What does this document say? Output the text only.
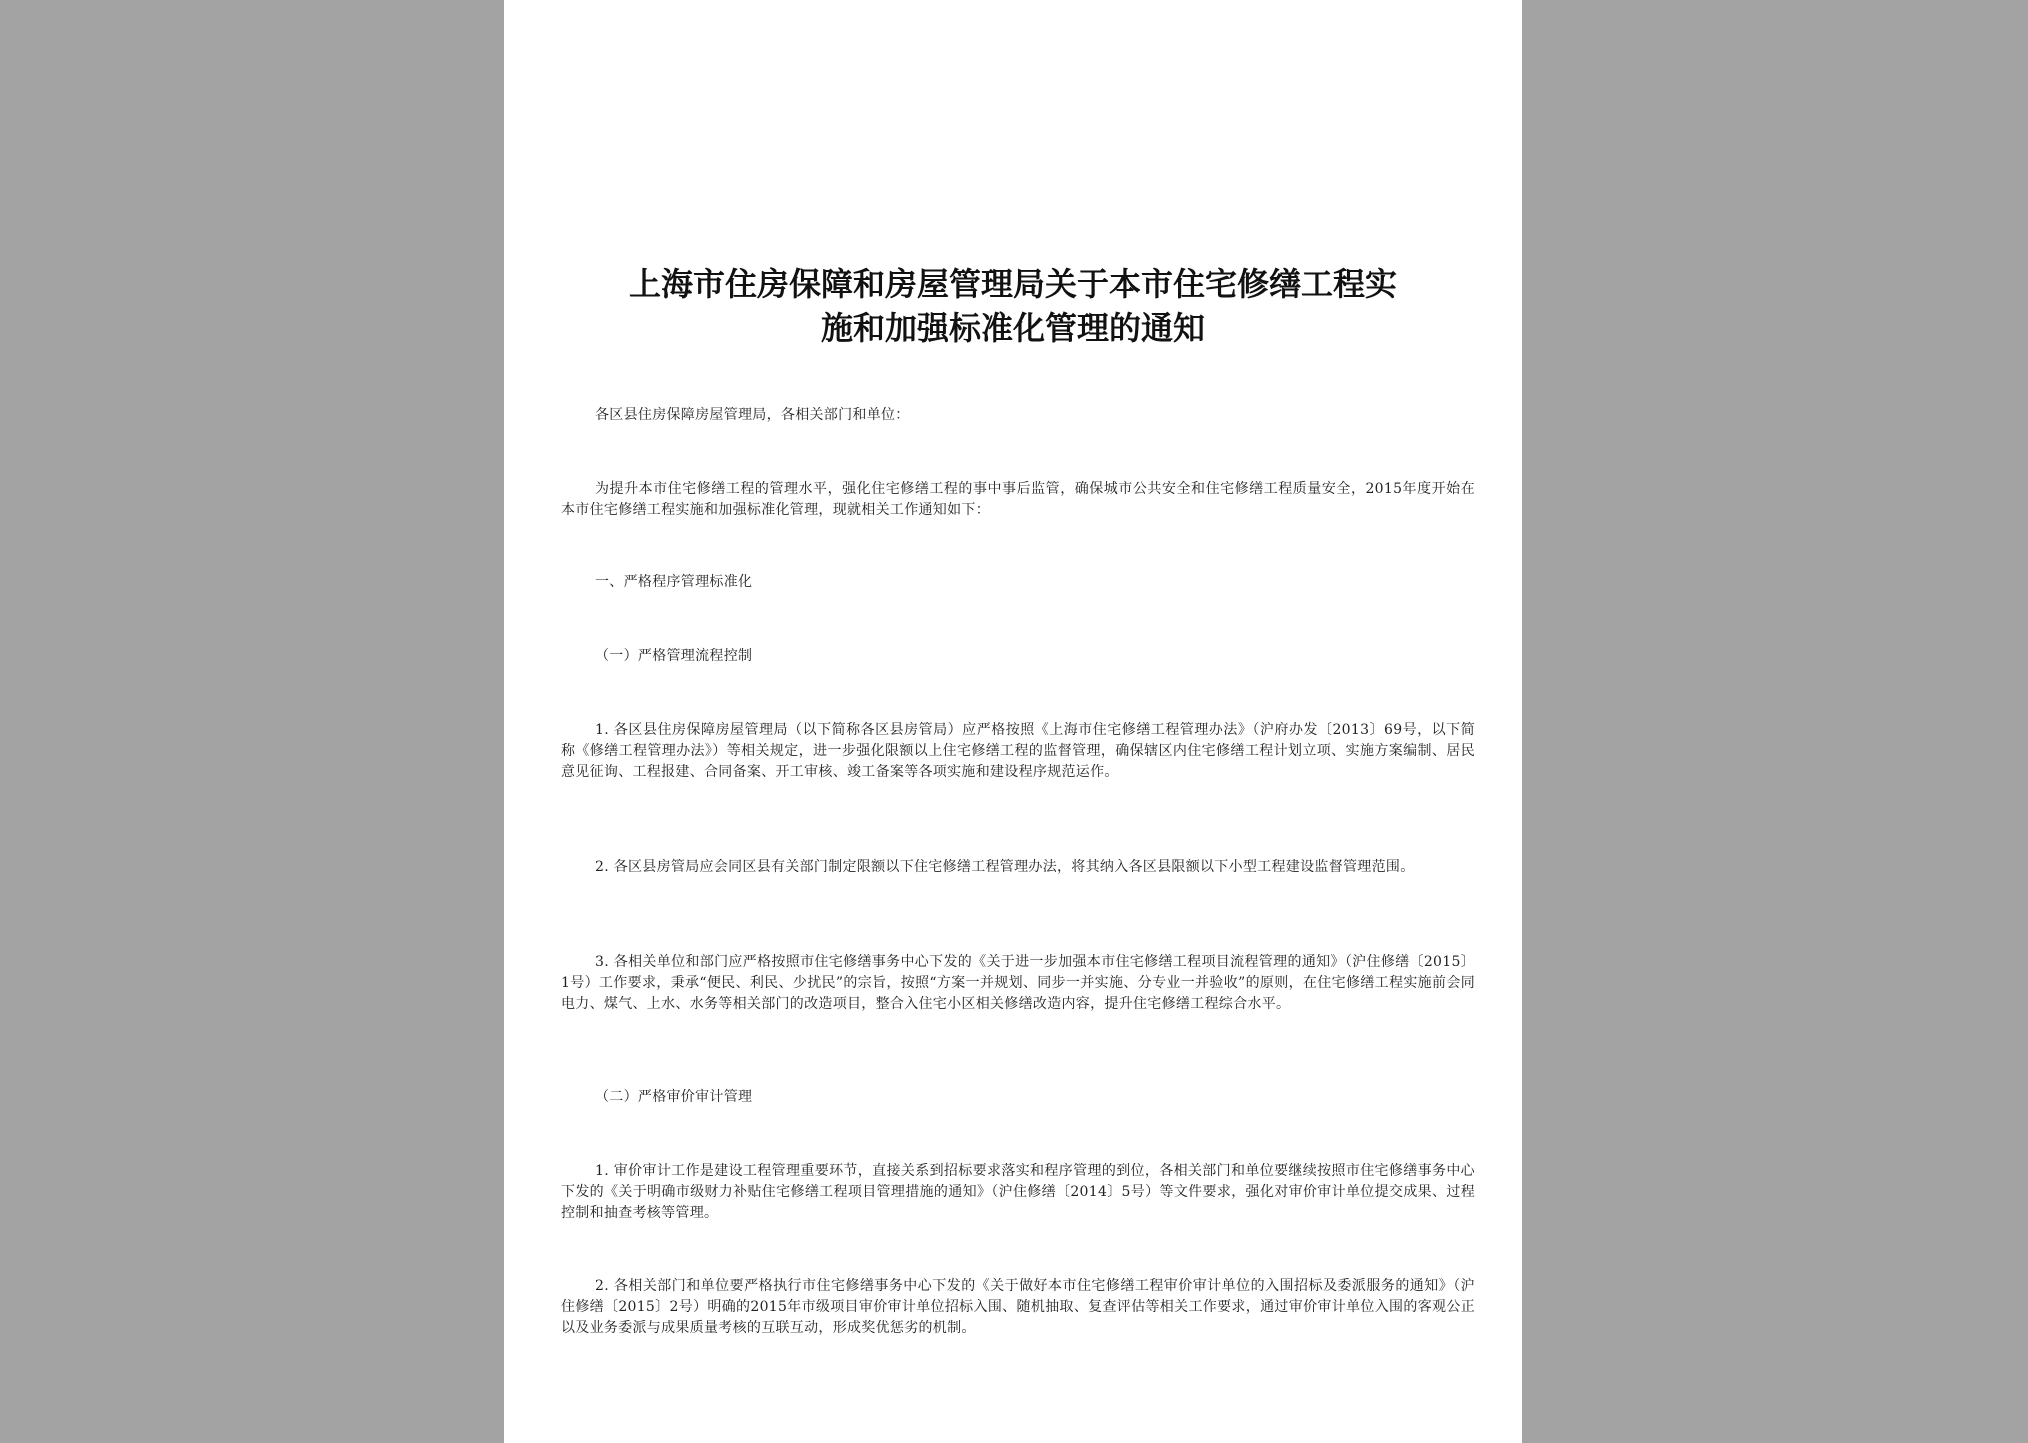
上海市住房保障和房屋管理局关于本市住宅修缮工程实
施和加强标准化管理的通知

各区县住房保障房屋管理局，各相关部门和单位：

为提升本市住宅修缮工程的管理水平，强化住宅修缮工程的事中事后监管，确保城市公共安全和住宅修缮工程质量安全，2015年度开始在本市住宅修缮工程实施和加强标准化管理，现就相关工作通知如下：

一、严格程序管理标准化

（一）严格管理流程控制

1. 各区县住房保障房屋管理局（以下简称各区县房管局）应严格按照《上海市住宅修缮工程管理办法》（沪府办发〔2013〕69号，以下简称《修缮工程管理办法》）等相关规定，进一步强化限额以上住宅修缮工程的监督管理，确保辖区内住宅修缮工程计划立项、实施方案编制、居民意见征询、工程报建、合同备案、开工审核、竣工备案等各项实施和建设程序规范运作。

2. 各区县房管局应会同区县有关部门制定限额以下住宅修缮工程管理办法，将其纳入各区县限额以下小型工程建设监督管理范围。

3. 各相关单位和部门应严格按照市住宅修缮事务中心下发的《关于进一步加强本市住宅修缮工程项目流程管理的通知》（沪住修缮〔2015〕1号）工作要求，秉承“便民、利民、少扰民”的宗旨，按照“方案一并规划、同步一并实施、分专业一并验收”的原则，在住宅修缮工程实施前会同电力、煤气、上水、水务等相关部门的改造项目，整合入住宅小区相关修缮改造内容，提升住宅修缮工程综合水平。

（二）严格审价审计管理

1. 审价审计工作是建设工程管理重要环节，直接关系到招标要求落实和程序管理的到位，各相关部门和单位要继续按照市住宅修缮事务中心下发的《关于明确市级财力补贴住宅修缮工程项目管理措施的通知》（沪住修缮〔2014〕5号）等文件要求，强化对审价审计单位提交成果、过程控制和抽查考核等管理。

2. 各相关部门和单位要严格执行市住宅修缮事务中心下发的《关于做好本市住宅修缮工程审价审计单位的入围招标及委派服务的通知》（沪住修缮〔2015〕2号）明确的2015年市级项目审价审计单位招标入围、随机抽取、复查评估等相关工作要求，通过审价审计单位入围的客观公正以及业务委派与成果质量考核的互联互动，形成奖优惩劣的机制。
